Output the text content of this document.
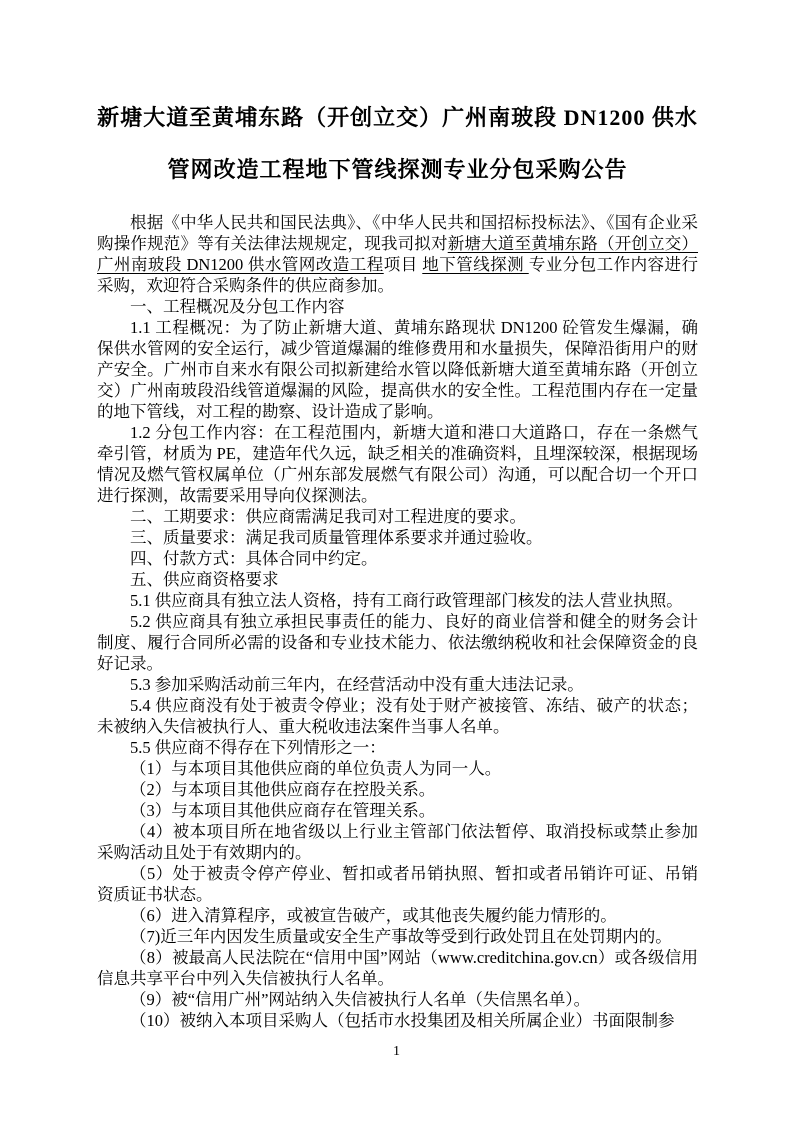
新塘大道至黄埔东路（开创立交）广州南玻段 DN1200 供水
管网改造工程地下管线探测专业分包采购公告

根据《中华人民共和国民法典》、《中华人民共和国招标投标法》、《国有企业采购操作规范》等有关法律法规规定，现我司拟对新塘大道至黄埔东路（开创立交）广州南玻段 DN1200 供水管网改造工程项目 地下管线探测 专业分包工作内容进行采购，欢迎符合采购条件的供应商参加。

一、工程概况及分包工作内容

1.1 工程概况：为了防止新塘大道、黄埔东路现状 DN1200 砼管发生爆漏，确保供水管网的安全运行，减少管道爆漏的维修费用和水量损失，保障沿街用户的财产安全。广州市自来水有限公司拟新建给水管以降低新塘大道至黄埔东路（开创立交）广州南玻段沿线管道爆漏的风险，提高供水的安全性。工程范围内存在一定量的地下管线，对工程的勘察、设计造成了影响。

1.2 分包工作内容：在工程范围内，新塘大道和港口大道路口，存在一条燃气牵引管，材质为 PE，建造年代久远，缺乏相关的准确资料，且埋深较深，根据现场情况及燃气管权属单位（广州东部发展燃气有限公司）沟通，可以配合切一个开口进行探测，故需要采用导向仪探测法。

二、工期要求：供应商需满足我司对工程进度的要求。

三、质量要求：满足我司质量管理体系要求并通过验收。

四、付款方式：具体合同中约定。

五、供应商资格要求

5.1 供应商具有独立法人资格，持有工商行政管理部门核发的法人营业执照。

5.2 供应商具有独立承担民事责任的能力、良好的商业信誉和健全的财务会计制度、履行合同所必需的设备和专业技术能力、依法缴纳税收和社会保障资金的良好记录。

5.3 参加采购活动前三年内，在经营活动中没有重大违法记录。

5.4 供应商没有处于被责令停业；没有处于财产被接管、冻结、破产的状态；未被纳入失信被执行人、重大税收违法案件当事人名单。

5.5 供应商不得存在下列情形之一：

（1）与本项目其他供应商的单位负责人为同一人。

（2）与本项目其他供应商存在控股关系。

（3）与本项目其他供应商存在管理关系。

（4）被本项目所在地省级以上行业主管部门依法暂停、取消投标或禁止参加采购活动且处于有效期内的。

（5）处于被责令停产停业、暂扣或者吊销执照、暂扣或者吊销许可证、吊销资质证书状态。

（6）进入清算程序，或被宣告破产，或其他丧失履约能力情形的。

（7)近三年内因发生质量或安全生产事故等受到行政处罚且在处罚期内的。

（8）被最高人民法院在“信用中国”网站（www.creditchina.gov.cn）或各级信用信息共享平台中列入失信被执行人名单。

（9）被“信用广州”网站纳入失信被执行人名单（失信黑名单）。

（10）被纳入本项目采购人（包括市水投集团及相关所属企业）书面限制参

1
